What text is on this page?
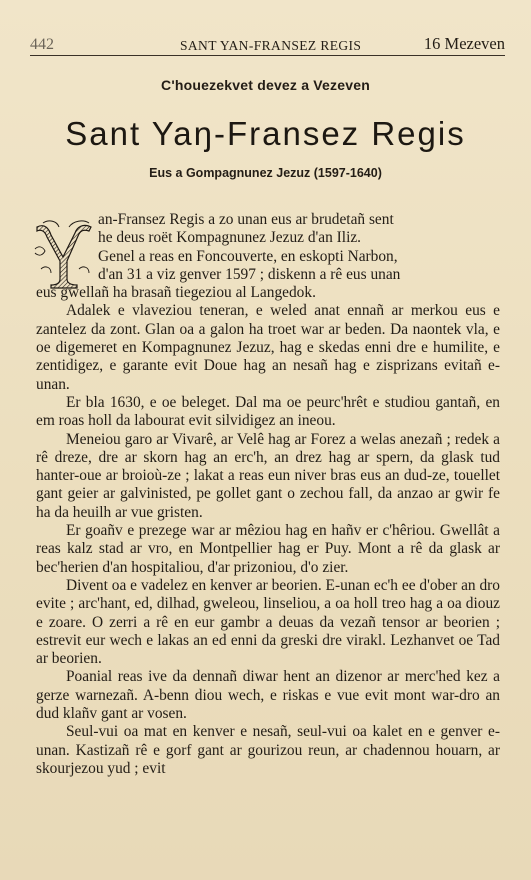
442	SANT YAN-FRANSEZ REGIS	16 Mezeven
C'houezekvet devez a Vezeven
Sant Yaŋ-Fransez Regis
Eus a Gompagnunez Jezuz (1597-1640)

an-Fransez Regis a zo unan eus ar brudetañ sent
he deus roët Kompagnunez Jezuz d'an Iliz.
Genel a reas en Foncouverte, en eskopti Narbon,
d'an 31 a viz genver 1597 ; diskenn a rê eus unan
eus gwellañ ha brasañ tiegeziou al Langedok.

Adalek e vlaveziou teneran, e weled anat ennañ ar merkou eus e zantelez da zont. Glan oa a galon ha troet war ar beden. Da naontek vla, e oe digemeret en Kompagnunez Jezuz, hag e skedas enni dre e humilite, e zentidigez, e garante evit Doue hag an nesañ hag e zisprizans evitañ e-unan.

Er bla 1630, e oe beleget. Dal ma oe peurc'hrêt e studiou gantañ, en em roas holl da labourat evit silvidigez an ineou.

Meneiou garo ar Vivarê, ar Velê hag ar Forez a welas anezañ ; redek a rê dreze, dre ar skorn hag an erc'h, an drez hag ar spern, da glask tud hanter-oue ar broioù-ze ; lakat a reas eun niver bras eus an dud-ze, touellet gant geier ar galvinisted, pe gollet gant o zechou fall, da anzao ar gwir fe ha da heuilh ar vue gristen.

Er goañv e prezege war ar mêziou hag en hañv er c'hêriou. Gwellât a reas kalz stad ar vro, en Montpellier hag er Puy. Mont a rê da glask ar bec'herien d'an hospitaliou, d'ar prizoniou, d'o zier.

Divent oa e vadelez en kenver ar beorien. E-unan ec'h ee d'ober an dro evite ; arc'hant, ed, dilhad, gweleou, linseliou, a oa holl treo hag a oa diouz e zoare. O zerri a rê en eur gambr a deuas da vezañ tensor ar beorien ; estrevit eur wech e lakas an ed enni da greski dre virakl. Lezhanvet oe Tad ar beorien.

Poanial reas ive da dennañ diwar hent an dizenor ar merc'hed kez a gerze warnezañ. A-benn diou wech, e riskas e vue evit mont war-dro an dud klañv gant ar vosen.

Seul-vui oa mat en kenver e nesañ, seul-vui oa kalet en e genver e-unan. Kastizañ rê e gorf gant ar gourizou reun, ar chadennou houarn, ar skourjezou yud ; evit
